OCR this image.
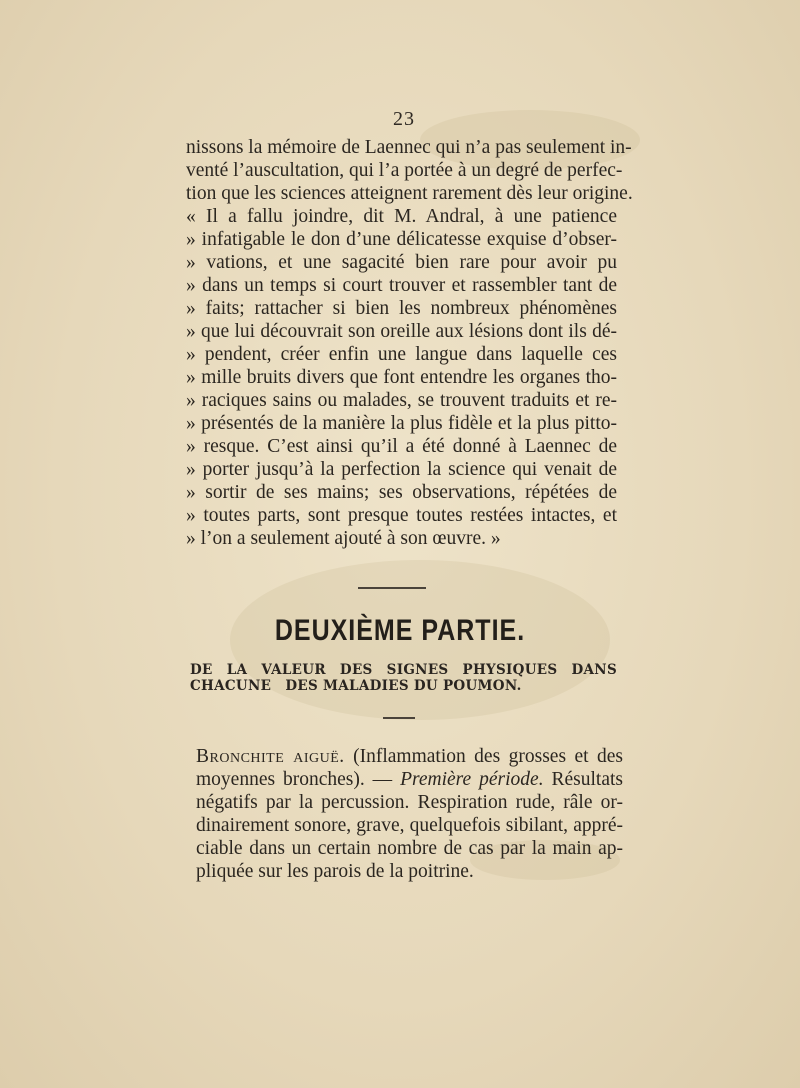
23
nissons la mémoire de Laennec qui n’a pas seulement in-
venté l’auscultation, qui l’a portée à un degré de perfec-
tion que les sciences atteignent rarement dès leur origine.
« Il a fallu joindre, dit M. Andral, à une patience
» infatigable le don d’une délicatesse exquise d’obser-
» vations, et une sagacité bien rare pour avoir pu
» dans un temps si court trouver et rassembler tant de
» faits; rattacher si bien les nombreux phénomènes
» que lui découvrait son oreille aux lésions dont ils dé-
» pendent, créer enfin une langue dans laquelle ces
» mille bruits divers que font entendre les organes tho-
» raciques sains ou malades, se trouvent traduits et re-
» présentés de la manière la plus fidèle et la plus pitto-
» resque. C’est ainsi qu’il a été donné à Laennec de
» porter jusqu’à la perfection la science qui venait de
» sortir de ses mains; ses observations, répétées de
» toutes parts, sont presque toutes restées intactes, et
» l’on a seulement ajouté à son œuvre. »
DEUXIÈME PARTIE.
DE LA VALEUR DES SIGNES PHYSIQUES DANS CHACUNE	DES MALADIES DU POUMON.
Bronchite aiguë. (Inflammation des grosses et des
moyennes bronches). — Première période. Résultats
négatifs par la percussion. Respiration rude, râle or-
dinairement sonore, grave, quelquefois sibilant, appré-
ciable dans un certain nombre de cas par la main ap-
pliquée sur les parois de la poitrine.
